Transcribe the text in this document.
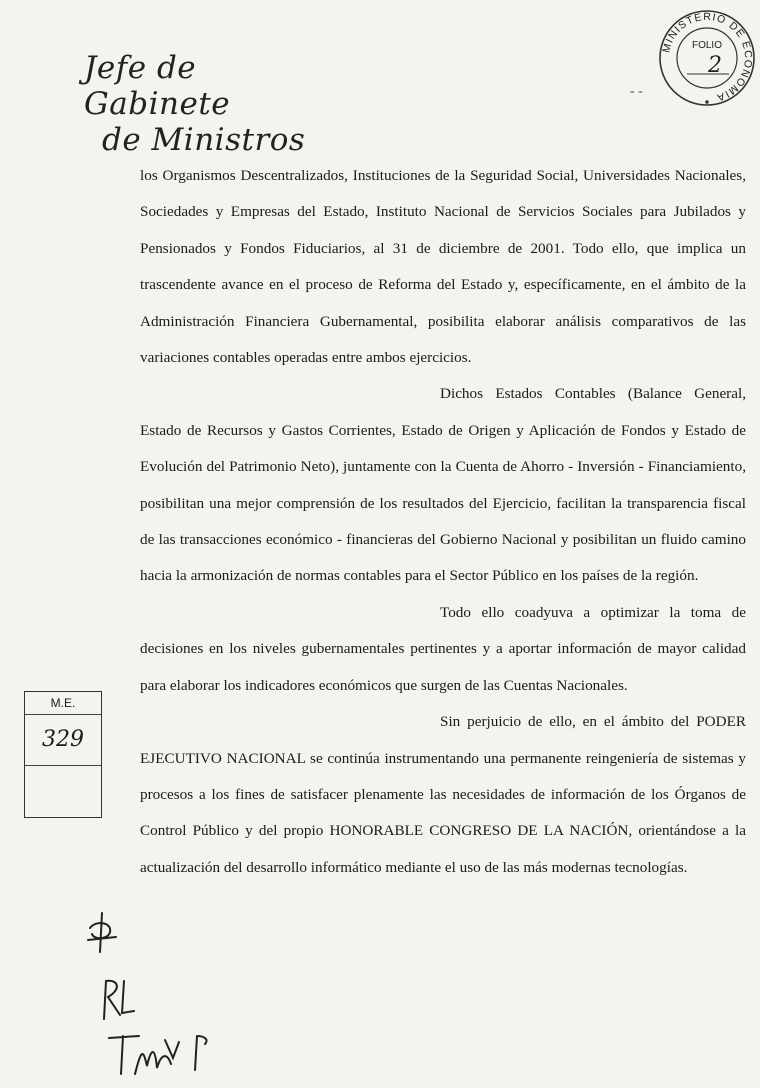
Jefe de Gabinete
de Ministros
MINISTERIO DE ECONOMIA
FOLIO
2
- -

los Organismos Descentralizados, Instituciones de la Seguridad Social, Universidades Nacionales, Sociedades y Empresas del Estado, Instituto Nacional de Servicios Sociales para Jubilados y Pensionados y Fondos Fiduciarios, al 31 de diciembre de 2001. Todo ello, que implica un trascendente avance en el proceso de Reforma del Estado y, específicamente, en el ámbito de la Administración Financiera Gubernamental, posibilita elaborar análisis comparativos de las variaciones contables operadas entre ambos ejercicios.

Dichos Estados Contables (Balance General, Estado de Recursos y Gastos Corrientes, Estado de Origen y Aplicación de Fondos y Estado de Evolución del Patrimonio Neto), juntamente con la Cuenta de Ahorro - Inversión - Financiamiento, posibilitan una mejor comprensión de los resultados del Ejercicio, facilitan la transparencia fiscal de las transacciones económico - financieras del Gobierno Nacional y posibilitan un fluido camino hacia la armonización de normas contables para el Sector Público en los países de la región.

Todo ello coadyuva a optimizar la toma de decisiones en los niveles gubernamentales pertinentes y a aportar información de mayor calidad para elaborar los indicadores económicos que surgen de las Cuentas Nacionales.

Sin perjuicio de ello, en el ámbito del PODER EJECUTIVO NACIONAL se continúa instrumentando una permanente reingeniería de sistemas y procesos a los fines de satisfacer plenamente las necesidades de información de los Órganos de Control Público y del propio HONORABLE CONGRESO DE LA NACIÓN, orientándose a la actualización del desarrollo informático mediante el uso de las más modernas tecnologías.

M.E.
329
